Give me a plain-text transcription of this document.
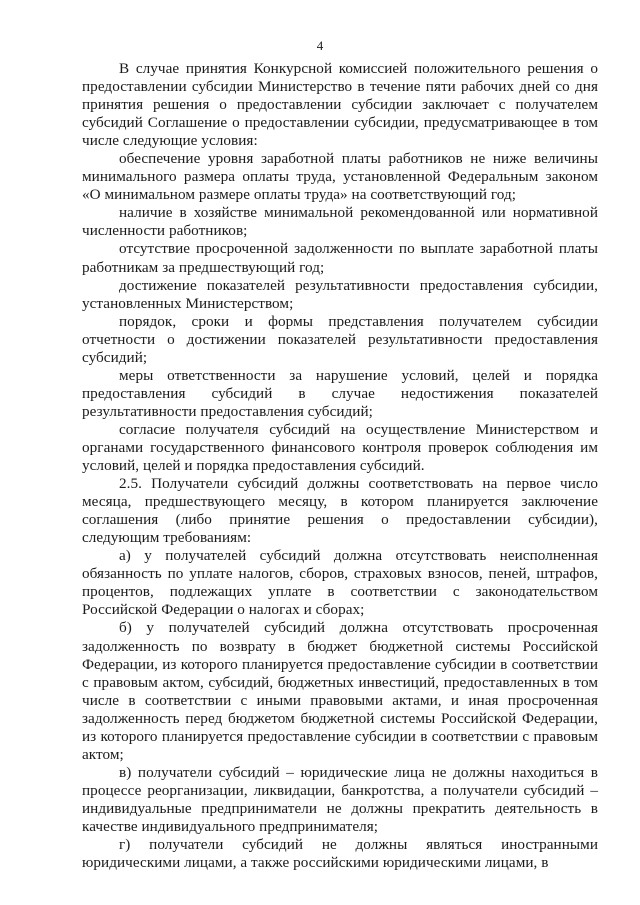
4

В случае принятия Конкурсной комиссией положительного решения о предоставлении субсидии Министерство в течение пяти рабочих дней со дня принятия решения о предоставлении субсидии заключает с получателем субсидий Соглашение о предоставлении субсидии, предусматривающее в том числе следующие условия:

обеспечение уровня заработной платы работников не ниже величины минимального размера оплаты труда, установленной Федеральным законом «О минимальном размере оплаты труда» на соответствующий год;

наличие в хозяйстве минимальной рекомендованной или нормативной численности работников;

отсутствие просроченной задолженности по выплате заработной платы работникам за предшествующий год;

достижение показателей результативности предоставления субсидии, установленных Министерством;

порядок, сроки и формы представления получателем субсидии отчетности о достижении показателей результативности предоставления субсидий;

меры ответственности за нарушение условий, целей и порядка предоставления субсидий в случае недостижения показателей результативности предоставления субсидий;

согласие получателя субсидий на осуществление Министерством и органами государственного финансового контроля проверок соблюдения им условий, целей и порядка предоставления субсидий.

2.5. Получатели субсидий должны соответствовать на первое число месяца, предшествующего месяцу, в котором планируется заключение соглашения (либо принятие решения о предоставлении субсидии), следующим требованиям:

а) у получателей субсидий должна отсутствовать неисполненная обязанность по уплате налогов, сборов, страховых взносов, пеней, штрафов, процентов, подлежащих уплате в соответствии с законодательством Российской Федерации о налогах и сборах;

б) у получателей субсидий должна отсутствовать просроченная задолженность по возврату в бюджет бюджетной системы Российской Федерации, из которого планируется предоставление субсидии в соответствии с правовым актом, субсидий, бюджетных инвестиций, предоставленных в том числе в соответствии с иными правовыми актами, и иная просроченная задолженность перед бюджетом бюджетной системы Российской Федерации, из которого планируется предоставление субсидии в соответствии с правовым актом;

в) получатели субсидий – юридические лица не должны находиться в процессе реорганизации, ликвидации, банкротства, а получатели субсидий – индивидуальные предприниматели не должны прекратить деятельность в качестве индивидуального предпринимателя;

г) получатели субсидий не должны являться иностранными юридическими лицами, а также российскими юридическими лицами, в
